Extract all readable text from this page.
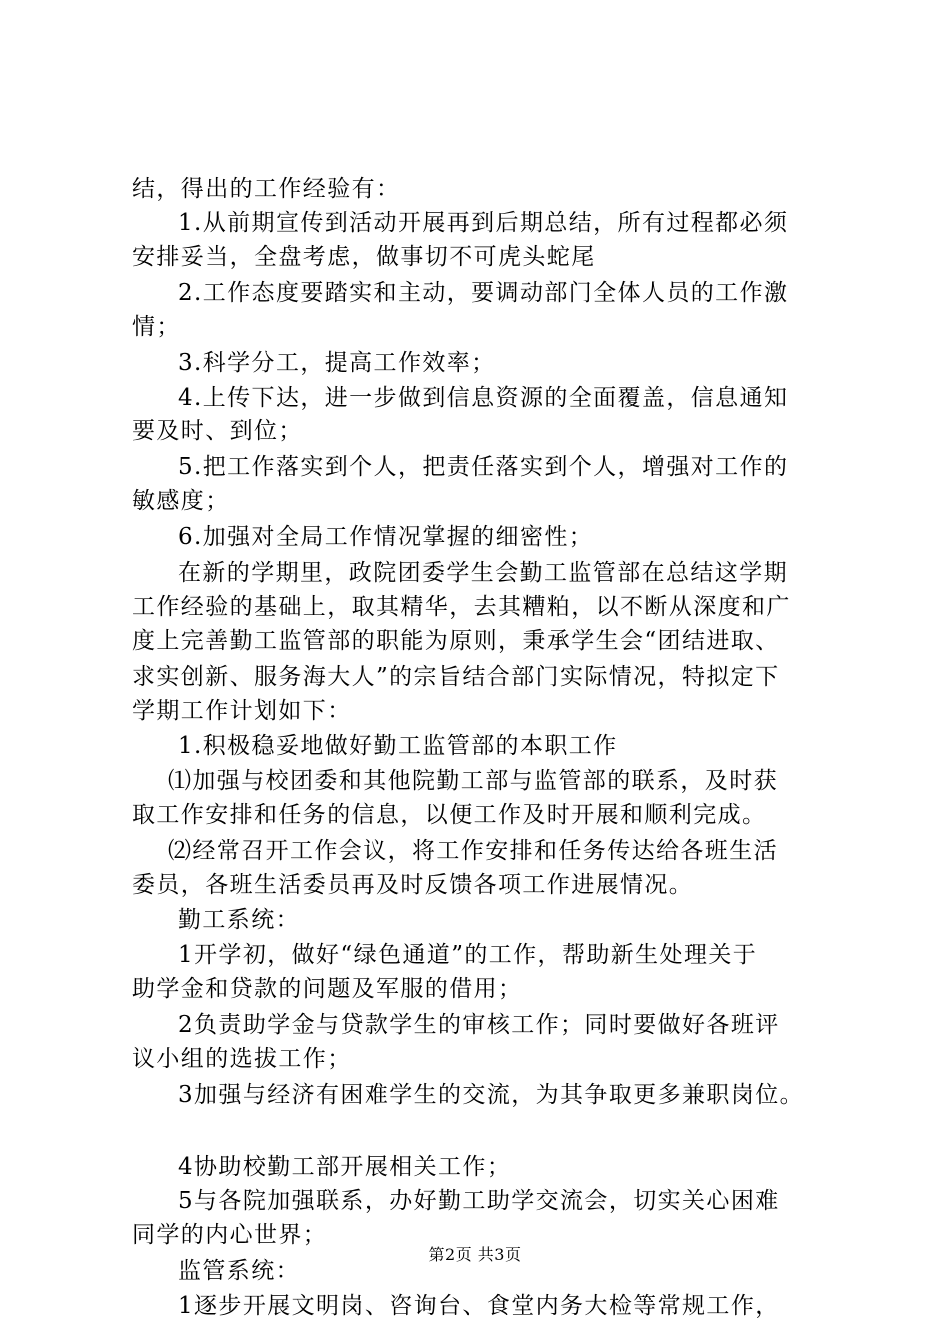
结，得出的工作经验有：
1.从前期宣传到活动开展再到后期总结，所有过程都必须
安排妥当，全盘考虑，做事切不可虎头蛇尾
2.工作态度要踏实和主动，要调动部门全体人员的工作激
情；
3.科学分工，提高工作效率；
4.上传下达，进一步做到信息资源的全面覆盖，信息通知
要及时、到位；
5.把工作落实到个人，把责任落实到个人，增强对工作的
敏感度；
6.加强对全局工作情况掌握的细密性；
在新的学期里，政院团委学生会勤工监管部在总结这学期
工作经验的基础上，取其精华，去其糟粕，以不断从深度和广
度上完善勤工监管部的职能为原则，秉承学生会“团结进取、
求实创新、服务海大人”的宗旨结合部门实际情况，特拟定下
学期工作计划如下：
1.积极稳妥地做好勤工监管部的本职工作
⑴加强与校团委和其他院勤工部与监管部的联系，及时获
取工作安排和任务的信息，以便工作及时开展和顺利完成。
⑵经常召开工作会议，将工作安排和任务传达给各班生活
委员，各班生活委员再及时反馈各项工作进展情况。
勤工系统：
1开学初，做好“绿色通道”的工作，帮助新生处理关于
助学金和贷款的问题及军服的借用；
2负责助学金与贷款学生的审核工作；同时要做好各班评
议小组的选拔工作；
3加强与经济有困难学生的交流，为其争取更多兼职岗位。
4协助校勤工部开展相关工作；
5与各院加强联系，办好勤工助学交流会，切实关心困难
同学的内心世界；
监管系统：
1逐步开展文明岗、咨询台、食堂内务大检等常规工作，
第2页 共3页
